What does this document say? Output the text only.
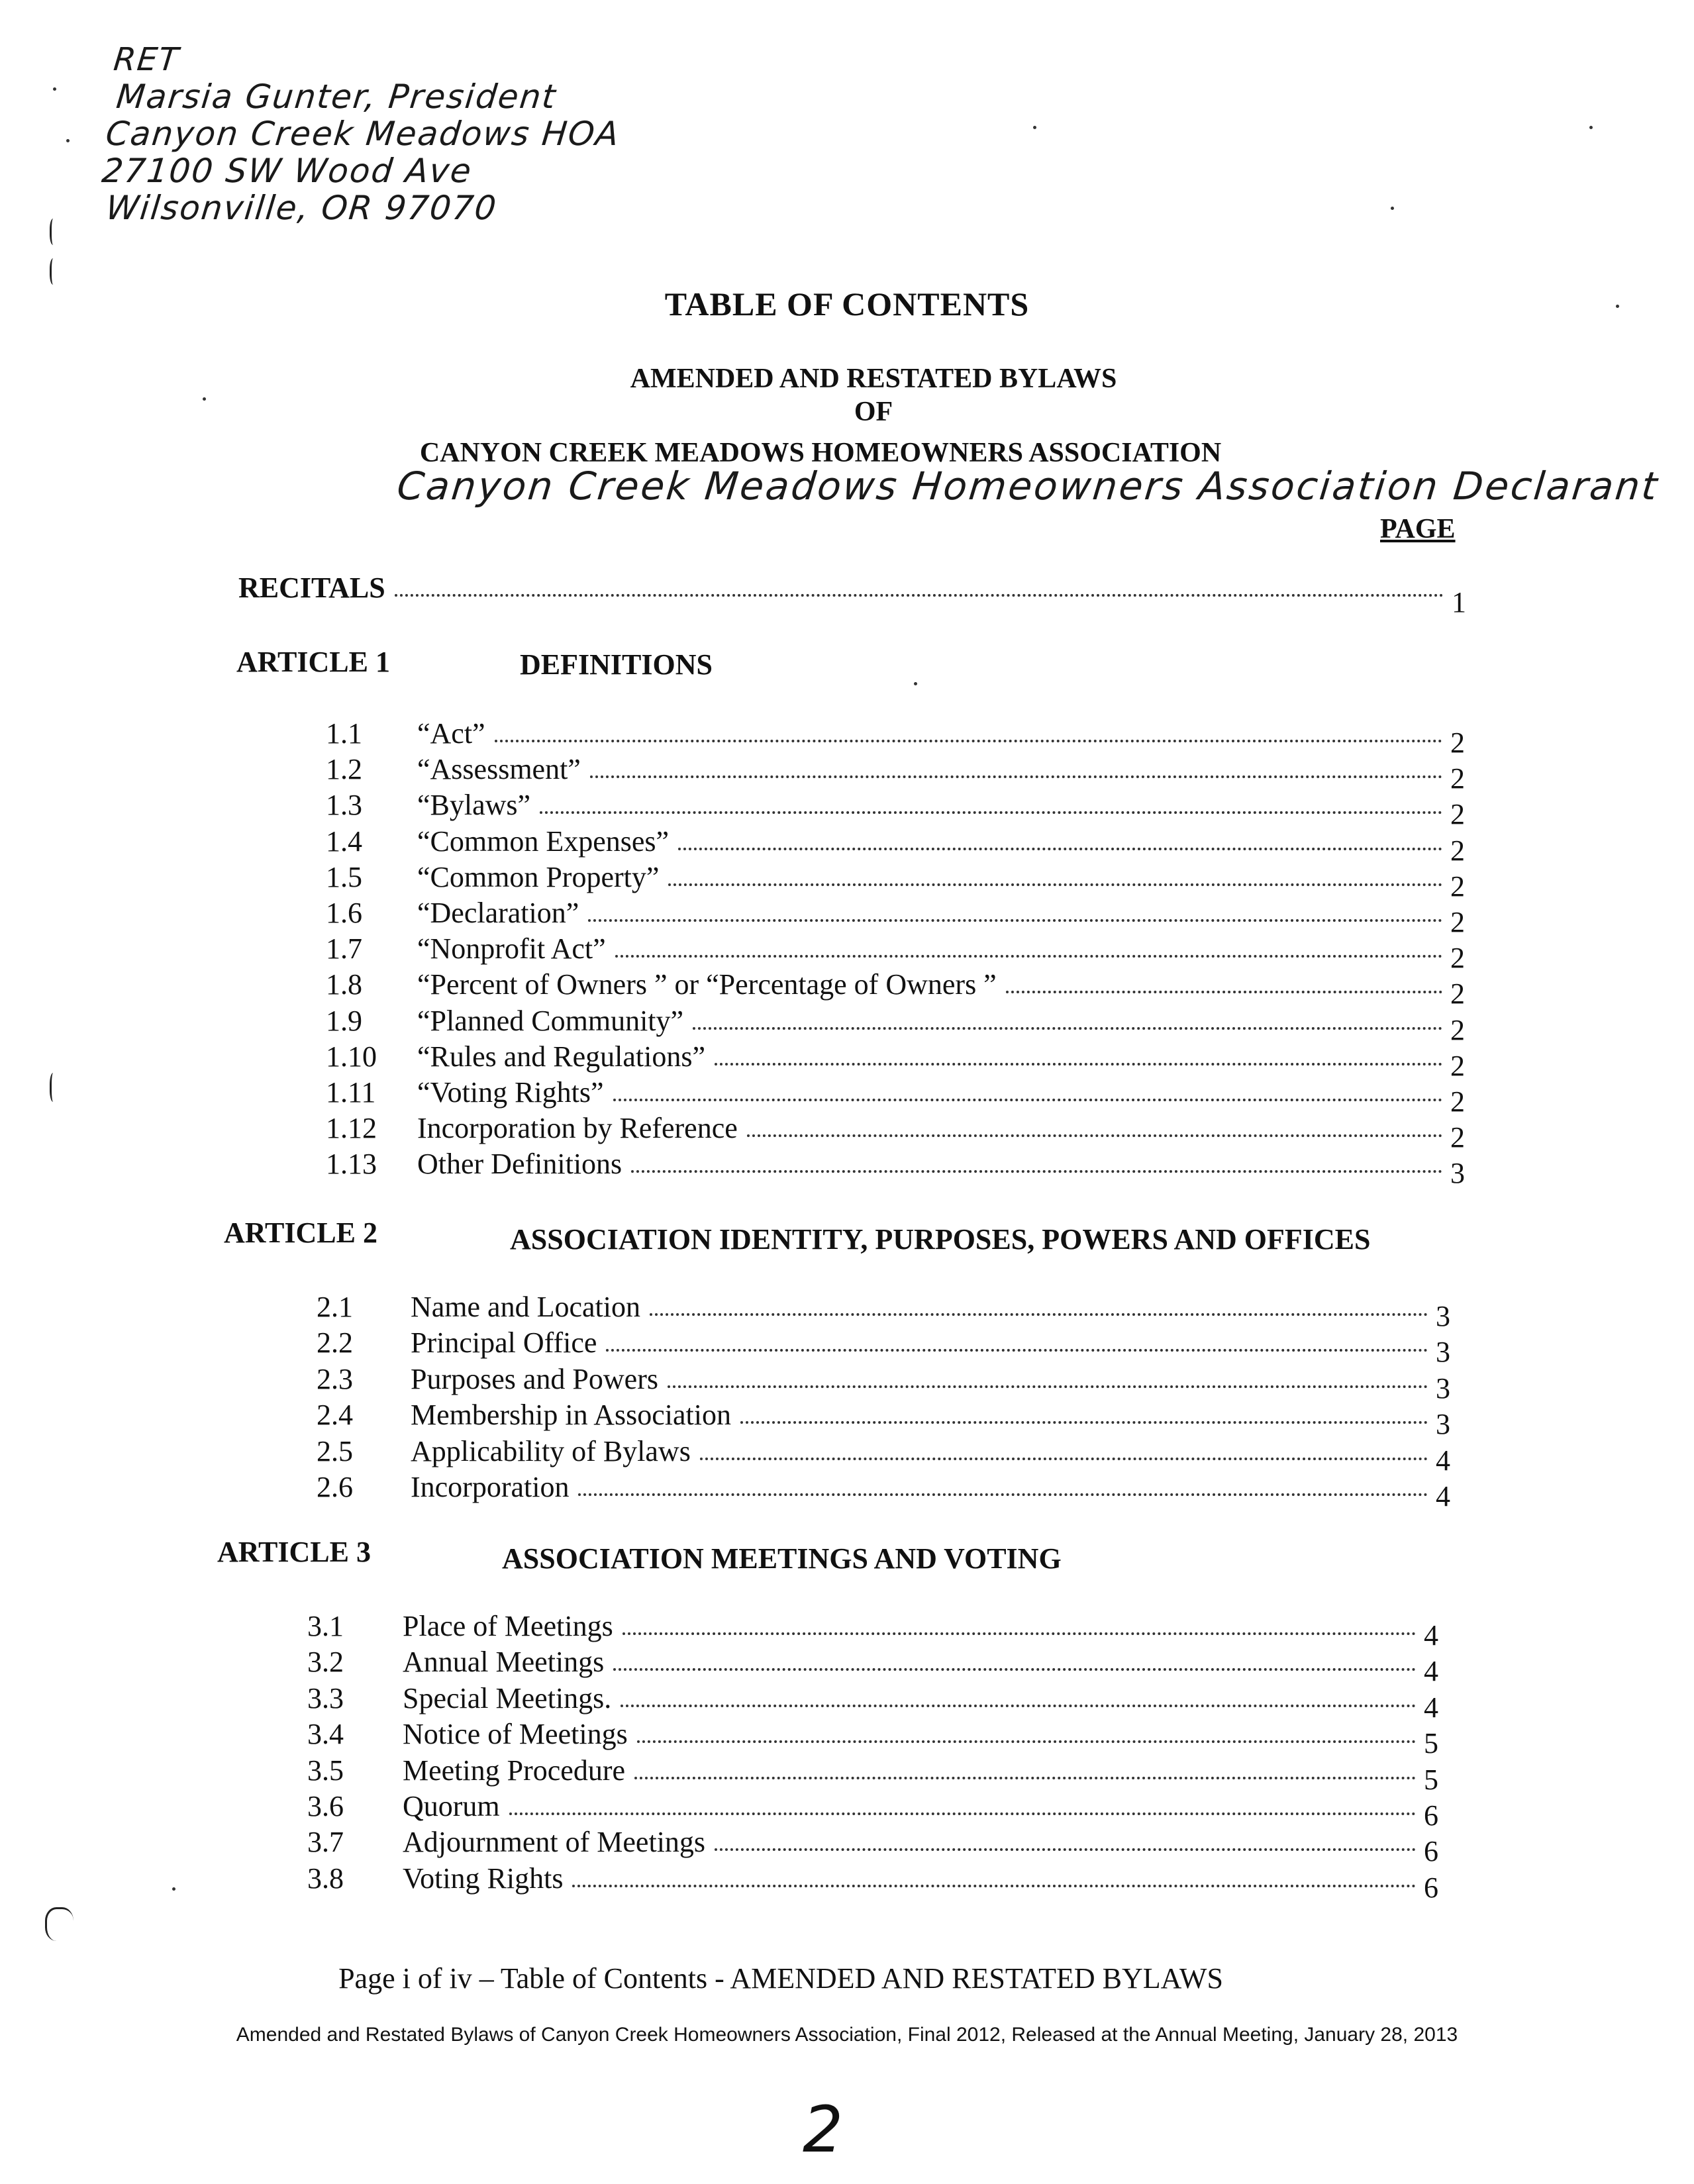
RET
Marsia Gunter, President
Canyon Creek Meadows HOA
27100 SW Wood Ave
Wilsonville, OR 97070
TABLE OF CONTENTS
AMENDED AND RESTATED BYLAWS
OF
CANYON CREEK MEADOWS HOMEOWNERS ASSOCIATION
Canyon Creek Meadows Homeowners Association Declarant
PAGE
RECITALS	1
ARTICLE 1	DEFINITIONS
1.1 “Act”	2
1.2 “Assessment”	2
1.3 “Bylaws”	2
1.4 “Common Expenses”	2
1.5 “Common Property”	2
1.6 “Declaration”	2
1.7 “Nonprofit Act”	2
1.8 “Percent of Owners ” or “Percentage of Owners ”	2
1.9 “Planned Community”	2
1.10 “Rules and Regulations”	2
1.11 “Voting Rights”	2
1.12 Incorporation by Reference	2
1.13 Other Definitions	3
ARTICLE 2	ASSOCIATION IDENTITY, PURPOSES, POWERS AND OFFICES
2.1 Name and Location	3
2.2 Principal Office	3
2.3 Purposes and Powers	3
2.4 Membership in Association	3
2.5 Applicability of Bylaws	4
2.6 Incorporation	4
ARTICLE 3	ASSOCIATION MEETINGS AND VOTING
3.1 Place of Meetings	4
3.2 Annual Meetings	4
3.3 Special Meetings.	4
3.4 Notice of Meetings	5
3.5 Meeting Procedure	5
3.6 Quorum	6
3.7 Adjournment of Meetings	6
3.8 Voting Rights	6
Page i of iv – Table of Contents - AMENDED AND RESTATED BYLAWS
Amended and Restated Bylaws of Canyon Creek Homeowners Association, Final 2012, Released at the Annual Meeting, January 28, 2013
2
